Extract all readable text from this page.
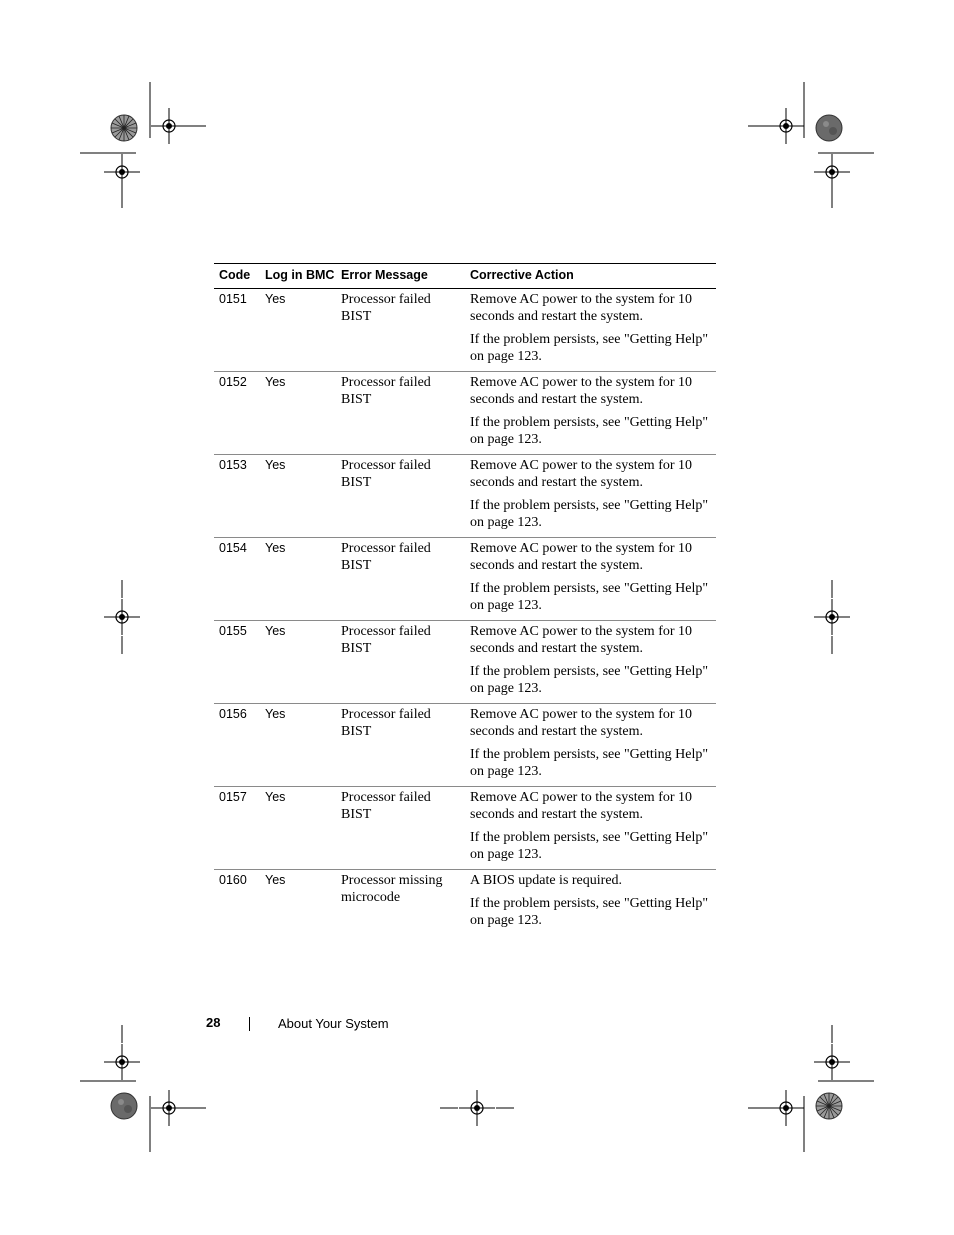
Code	Log in BMC	Error Message	Corrective Action
0151	Yes	Processor failed BIST	Remove AC power to the system for 10 seconds and restart the system.

If the problem persists, see "Getting Help" on page 123.

0152	Yes	Processor failed BIST	Remove AC power to the system for 10 seconds and restart the system.

If the problem persists, see "Getting Help" on page 123.

0153	Yes	Processor failed BIST	Remove AC power to the system for 10 seconds and restart the system.

If the problem persists, see "Getting Help" on page 123.

0154	Yes	Processor failed BIST	Remove AC power to the system for 10 seconds and restart the system.

If the problem persists, see "Getting Help" on page 123.

0155	Yes	Processor failed BIST	Remove AC power to the system for 10 seconds and restart the system.

If the problem persists, see "Getting Help" on page 123.

0156	Yes	Processor failed BIST	Remove AC power to the system for 10 seconds and restart the system.

If the problem persists, see "Getting Help" on page 123.

0157	Yes	Processor failed BIST	Remove AC power to the system for 10 seconds and restart the system.

If the problem persists, see "Getting Help" on page 123.

0160	Yes	Processor missing microcode	A BIOS update is required.

If the problem persists, see "Getting Help" on page 123.

28	About Your System
